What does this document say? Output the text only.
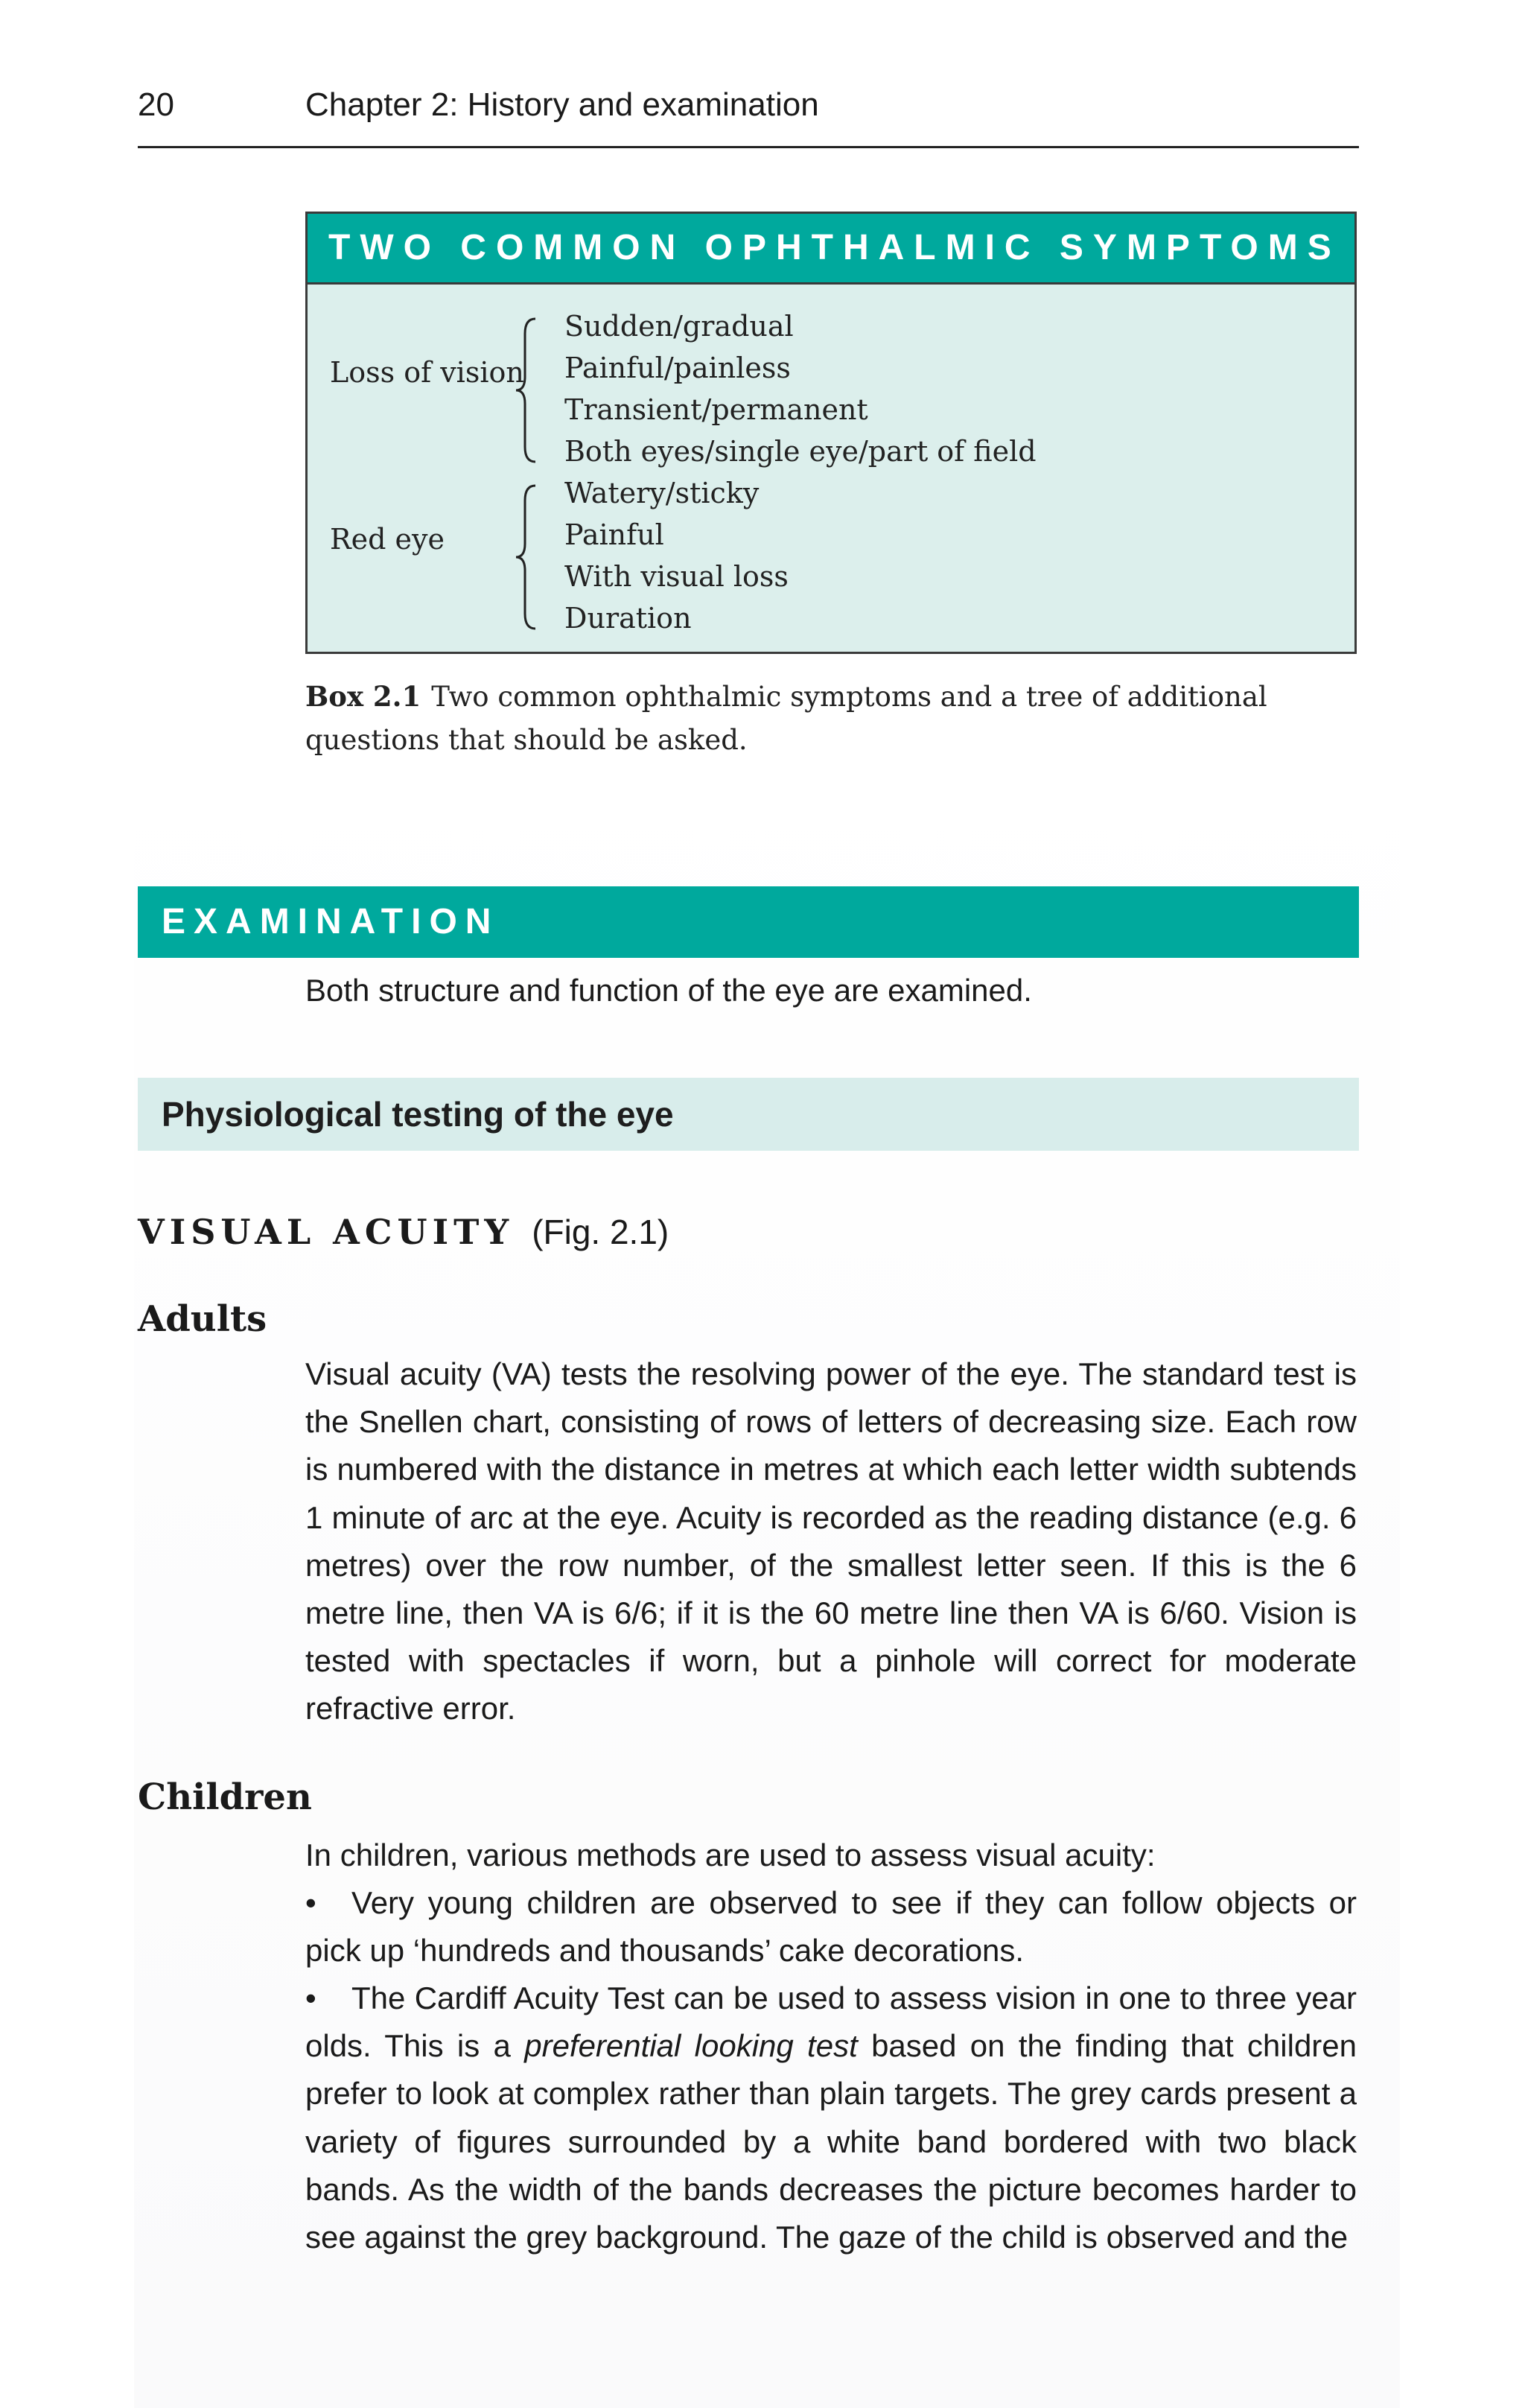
20	Chapter 2: History and examination
TWO COMMON OPHTHALMIC SYMPTOMS
Loss of vision
Sudden/gradual
Painful/painless
Transient/permanent
Both eyes/single eye/part of field
Red eye
Watery/sticky
Painful
With visual loss
Duration
Box 2.1 Two common ophthalmic symptoms and a tree of additional questions that should be asked.
EXAMINATION
Both structure and function of the eye are examined.
Physiological testing of the eye
VISUAL ACUITY (Fig. 2.1)
Adults
Visual acuity (VA) tests the resolving power of the eye. The standard test is the Snellen chart, consisting of rows of letters of decreasing size. Each row is numbered with the distance in metres at which each letter width subtends 1 minute of arc at the eye. Acuity is recorded as the reading distance (e.g. 6 metres) over the row number, of the smallest letter seen. If this is the 6 metre line, then VA is 6/6; if it is the 60 metre line then VA is 6/60. Vision is tested with spectacles if worn, but a pinhole will correct for moderate refractive error.
Children
In children, various methods are used to assess visual acuity:
• Very young children are observed to see if they can follow objects or pick up ‘hundreds and thousands’ cake decorations.
• The Cardiff Acuity Test can be used to assess vision in one to three year olds. This is a preferential looking test based on the finding that children prefer to look at complex rather than plain targets. The grey cards present a variety of figures surrounded by a white band bordered with two black bands. As the width of the bands decreases the picture becomes harder to see against the grey background. The gaze of the child is observed and the
